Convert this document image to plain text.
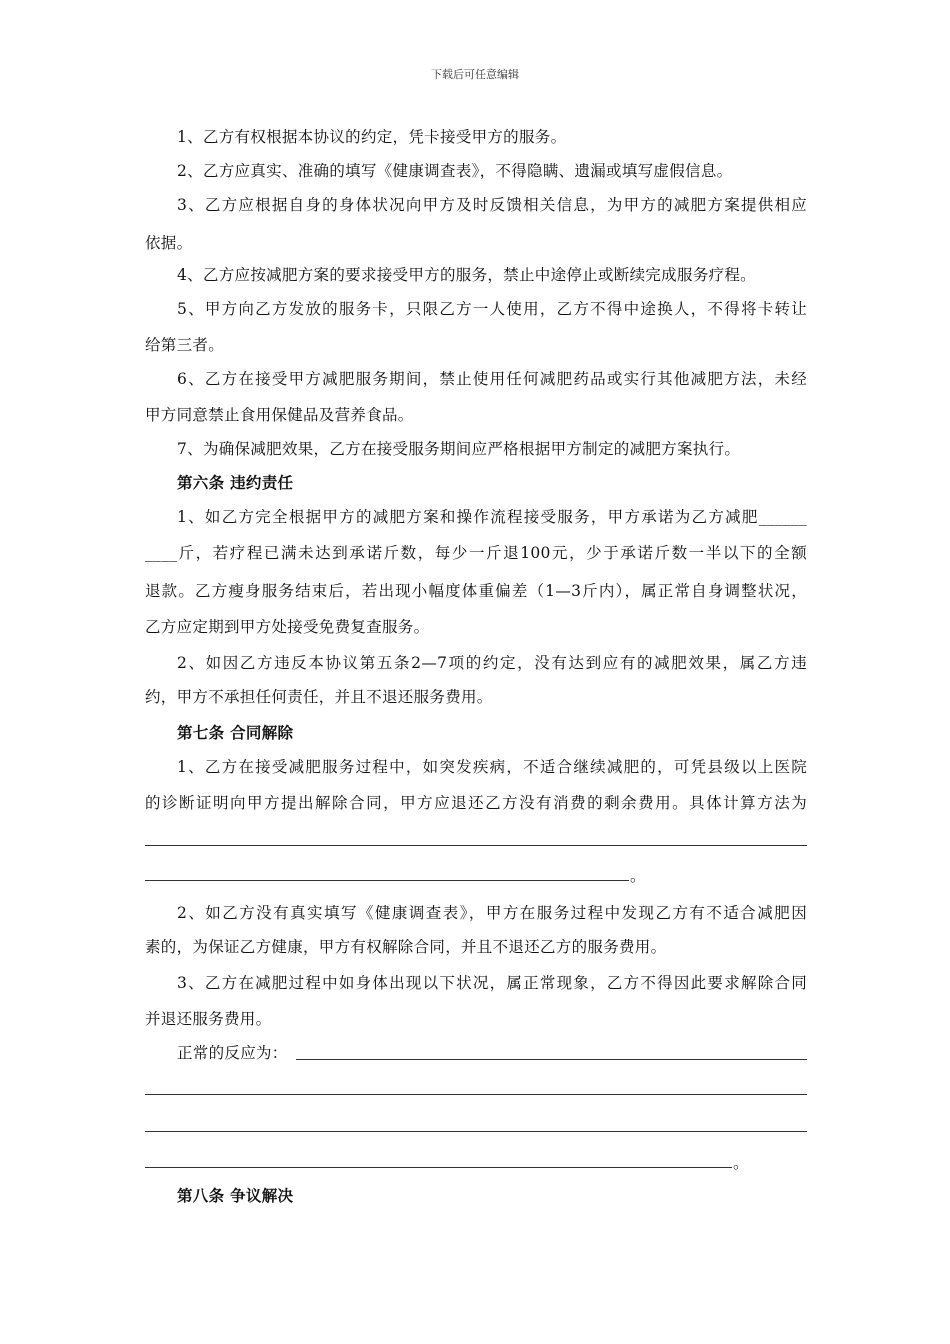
下载后可任意编辑
1、乙方有权根据本协议的约定，凭卡接受甲方的服务。
2、乙方应真实、准确的填写《健康调查表》，不得隐瞒、遗漏或填写虚假信息。
3、乙方应根据自身的身体状况向甲方及时反馈相关信息，为甲方的减肥方案提供相应
依据。
4、乙方应按减肥方案的要求接受甲方的服务，禁止中途停止或断续完成服务疗程。
5、甲方向乙方发放的服务卡，只限乙方一人使用，乙方不得中途换人，不得将卡转让
给第三者。
6、乙方在接受甲方减肥服务期间，禁止使用任何减肥药品或实行其他减肥方法，未经
甲方同意禁止食用保健品及营养食品。
7、为确保减肥效果，乙方在接受服务期间应严格根据甲方制定的减肥方案执行。
第六条 违约责任
1、如乙方完全根据甲方的减肥方案和操作流程接受服务，甲方承诺为乙方减肥______
____斤，若疗程已满未达到承诺斤数，每少一斤退100元，少于承诺斤数一半以下的全额
退款。乙方瘦身服务结束后，若出现小幅度体重偏差（1—3斤内），属正常自身调整状况，
乙方应定期到甲方处接受免费复查服务。
2、如因乙方违反本协议第五条2—7项的约定，没有达到应有的减肥效果，属乙方违
约，甲方不承担任何责任，并且不退还服务费用。
第七条 合同解除
1、乙方在接受减肥服务过程中，如突发疾病，不适合继续减肥的，可凭县级以上医院
的诊断证明向甲方提出解除合同，甲方应退还乙方没有消费的剩余费用。具体计算方法为
。
2、如乙方没有真实填写《健康调查表》，甲方在服务过程中发现乙方有不适合减肥因
素的，为保证乙方健康，甲方有权解除合同，并且不退还乙方的服务费用。
3、乙方在减肥过程中如身体出现以下状况，属正常现象，乙方不得因此要求解除合同
并退还服务费用。
正常的反应为：
。
第八条 争议解决
